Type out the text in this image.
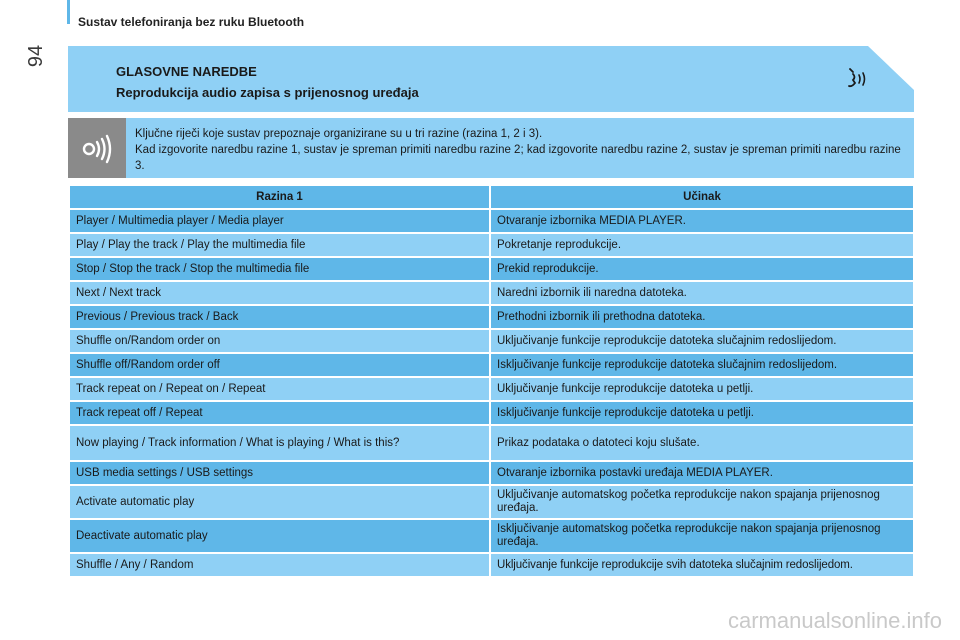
94
Sustav telefoniranja bez ruku Bluetooth
GLASOVNE NAREDBE
Reprodukcija audio zapisa s prijenosnog uređaja

Ključne riječi koje sustav prepoznaje organizirane su u tri razine (razina 1, 2 i 3).

Kad izgovorite naredbu razine 1, sustav je spreman primiti naredbu razine 2; kad izgovorite naredbu razine 2, sustav je spreman primiti naredbu razine 3.

Razina 1	Učinak
Player / Multimedia player / Media player	Otvaranje izbornika MEDIA PLAYER.
Play / Play the track / Play the multimedia file	Pokretanje reprodukcije.
Stop / Stop the track / Stop the multimedia file	Prekid reprodukcije.
Next / Next track	Naredni izbornik ili naredna datoteka.
Previous / Previous track / Back	Prethodni izbornik ili prethodna datoteka.
Shuffle on/Random order on	Uključivanje funkcije reprodukcije datoteka slučajnim redoslijedom.
Shuffle off/Random order off	Isključivanje funkcije reprodukcije datoteka slučajnim redoslijedom.
Track repeat on / Repeat on / Repeat	Uključivanje funkcije reprodukcije datoteka u petlji.
Track repeat off / Repeat	Isključivanje funkcije reprodukcije datoteka u petlji.
Now playing / Track information / What is playing / What is this?	Prikaz podataka o datoteci koju slušate.
USB media settings / USB settings	Otvaranje izbornika postavki uređaja MEDIA PLAYER.
Activate automatic play	Uključivanje automatskog početka reprodukcije nakon spajanja prijenosnog uređaja.
Deactivate automatic play	Isključivanje automatskog početka reprodukcije nakon spajanja prijenosnog uređaja.
Shuffle / Any / Random	Uključivanje funkcije reprodukcije svih datoteka slučajnim redoslijedom.
carmanualsonline.info
